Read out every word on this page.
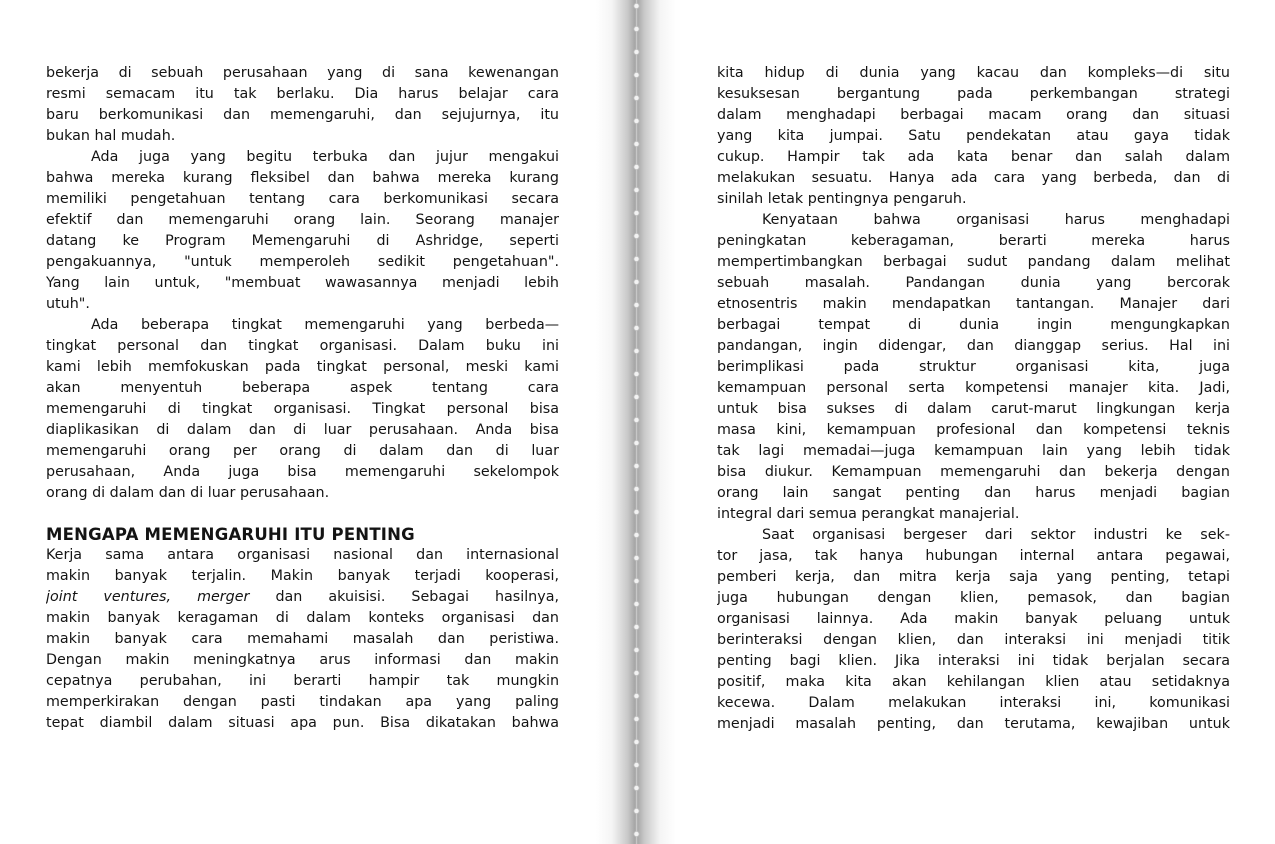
bekerja di sebuah perusahaan yang di sana kewenangan
resmi semacam itu tak berlaku. Dia harus belajar cara
baru berkomunikasi dan memengaruhi, dan sejujurnya, itu
bukan hal mudah.
Ada juga yang begitu terbuka dan jujur mengakui
bahwa mereka kurang fleksibel dan bahwa mereka kurang
memiliki pengetahuan tentang cara berkomunikasi secara
efektif dan memengaruhi orang lain. Seorang manajer
datang ke Program Memengaruhi di Ashridge, seperti
pengakuannya, "untuk memperoleh sedikit pengetahuan".
Yang lain untuk, "membuat wawasannya menjadi lebih
utuh".
Ada beberapa tingkat memengaruhi yang berbeda—
tingkat personal dan tingkat organisasi. Dalam buku ini
kami lebih memfokuskan pada tingkat personal, meski kami
akan menyentuh beberapa aspek tentang cara
memengaruhi di tingkat organisasi. Tingkat personal bisa
diaplikasikan di dalam dan di luar perusahaan. Anda bisa
memengaruhi orang per orang di dalam dan di luar
perusahaan, Anda juga bisa memengaruhi sekelompok
orang di dalam dan di luar perusahaan.
MENGAPA MEMENGARUHI ITU PENTING
Kerja sama antara organisasi nasional dan internasional
makin banyak terjalin. Makin banyak terjadi kooperasi,
joint ventures, merger dan akuisisi. Sebagai hasilnya,
makin banyak keragaman di dalam konteks organisasi dan
makin banyak cara memahami masalah dan peristiwa.
Dengan makin meningkatnya arus informasi dan makin
cepatnya perubahan, ini berarti hampir tak mungkin
memperkirakan dengan pasti tindakan apa yang paling
tepat diambil dalam situasi apa pun. Bisa dikatakan bahwa
kita hidup di dunia yang kacau dan kompleks—di situ
kesuksesan bergantung pada perkembangan strategi
dalam menghadapi berbagai macam orang dan situasi
yang kita jumpai. Satu pendekatan atau gaya tidak
cukup. Hampir tak ada kata benar dan salah dalam
melakukan sesuatu. Hanya ada cara yang berbeda, dan di
sinilah letak pentingnya pengaruh.
Kenyataan bahwa organisasi harus menghadapi
peningkatan keberagaman, berarti mereka harus
mempertimbangkan berbagai sudut pandang dalam melihat
sebuah masalah. Pandangan dunia yang bercorak
etnosentris makin mendapatkan tantangan. Manajer dari
berbagai tempat di dunia ingin mengungkapkan
pandangan, ingin didengar, dan dianggap serius. Hal ini
berimplikasi pada struktur organisasi kita, juga
kemampuan personal serta kompetensi manajer kita. Jadi,
untuk bisa sukses di dalam carut-marut lingkungan kerja
masa kini, kemampuan profesional dan kompetensi teknis
tak lagi memadai—juga kemampuan lain yang lebih tidak
bisa diukur. Kemampuan memengaruhi dan bekerja dengan
orang lain sangat penting dan harus menjadi bagian
integral dari semua perangkat manajerial.
Saat organisasi bergeser dari sektor industri ke sek-
tor jasa, tak hanya hubungan internal antara pegawai,
pemberi kerja, dan mitra kerja saja yang penting, tetapi
juga hubungan dengan klien, pemasok, dan bagian
organisasi lainnya. Ada makin banyak peluang untuk
berinteraksi dengan klien, dan interaksi ini menjadi titik
penting bagi klien. Jika interaksi ini tidak berjalan secara
positif, maka kita akan kehilangan klien atau setidaknya
kecewa. Dalam melakukan interaksi ini, komunikasi
menjadi masalah penting, dan terutama, kewajiban untuk
